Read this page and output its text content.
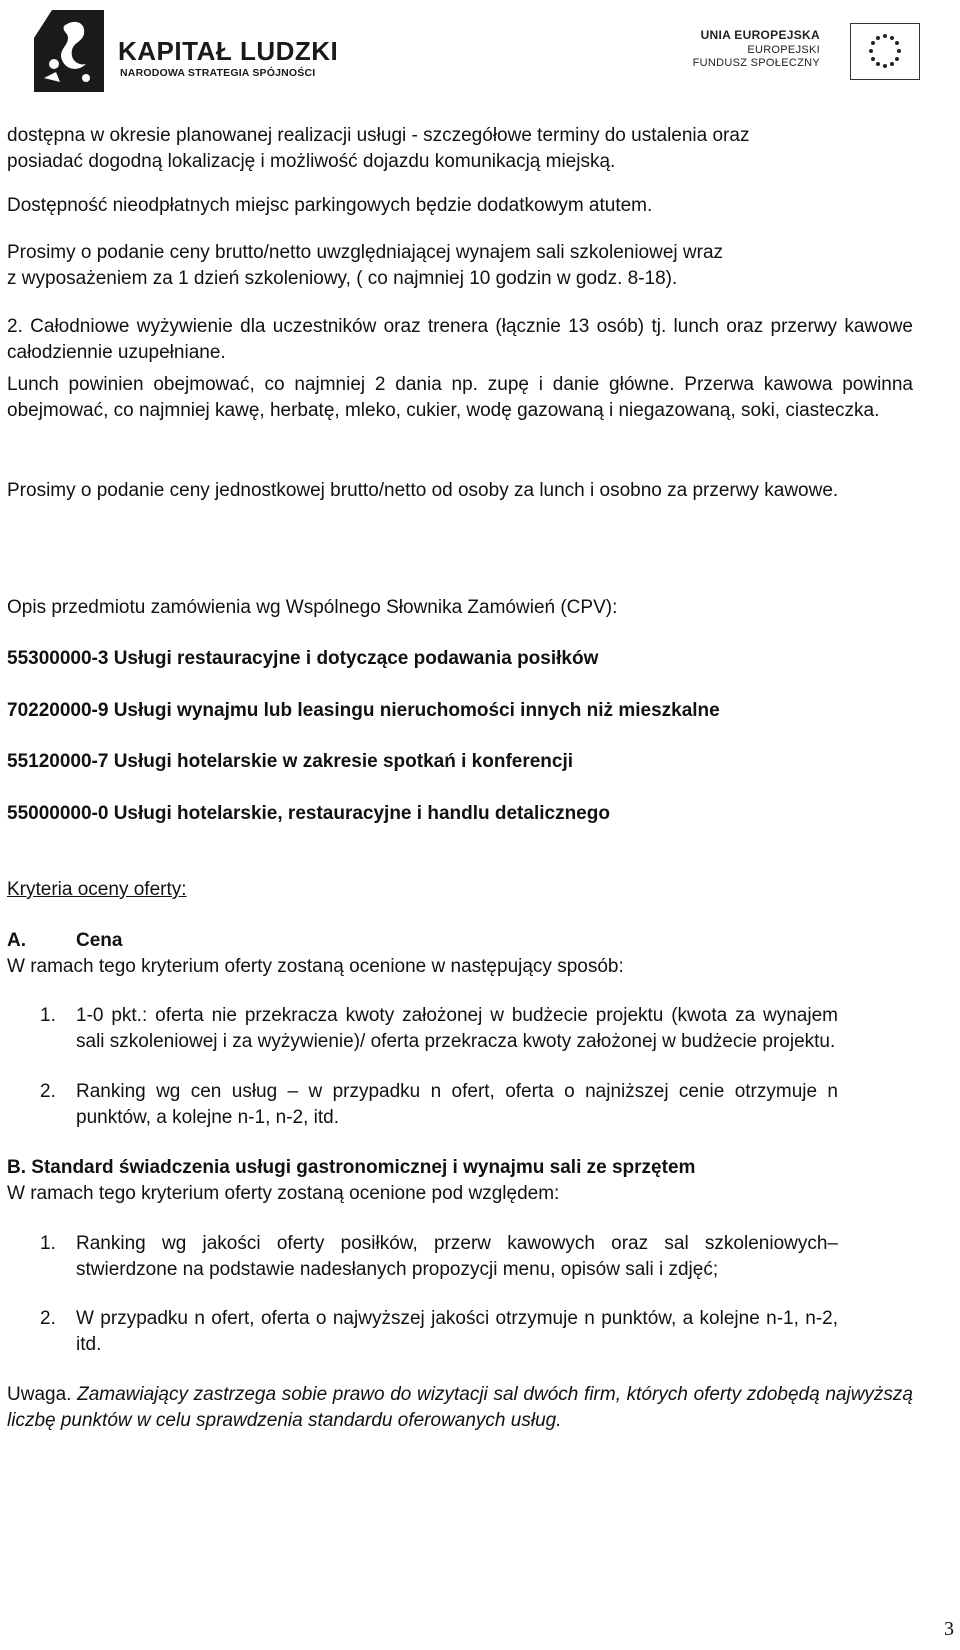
KAPITAŁ LUDZKI
NARODOWA STRATEGIA SPÓJNOŚCI
UNIA EUROPEJSKA
EUROPEJSKI
FUNDUSZ SPOŁECZNY
dostępna w okresie planowanej realizacji usługi - szczegółowe terminy do ustalenia oraz
posiadać dogodną lokalizację i możliwość dojazdu komunikacją miejską.
Dostępność nieodpłatnych miejsc parkingowych będzie dodatkowym atutem.
Prosimy o podanie ceny brutto/netto uwzględniającej wynajem sali szkoleniowej wraz
z wyposażeniem za 1 dzień szkoleniowy, ( co najmniej 10 godzin w godz. 8-18).
2. Całodniowe wyżywienie dla uczestników oraz trenera (łącznie 13 osób) tj. lunch oraz przerwy kawowe całodziennie uzupełniane.
Lunch powinien obejmować, co najmniej 2 dania np. zupę i danie główne. Przerwa kawowa powinna obejmować, co najmniej kawę, herbatę, mleko, cukier, wodę gazowaną i niegazowaną, soki, ciasteczka.
Prosimy o podanie ceny jednostkowej brutto/netto od osoby za lunch i osobno za przerwy kawowe.
Opis przedmiotu zamówienia wg Wspólnego Słownika Zamówień (CPV):
55300000-3 Usługi restauracyjne i dotyczące podawania posiłków
70220000-9 Usługi wynajmu lub leasingu nieruchomości innych niż mieszkalne
55120000-7 Usługi hotelarskie w zakresie spotkań i konferencji
55000000-0 Usługi hotelarskie, restauracyjne i handlu detalicznego
Kryteria oceny oferty:
A.	Cena
W ramach tego kryterium oferty zostaną ocenione w następujący sposób:
1. 1-0 pkt.: oferta nie przekracza kwoty założonej w budżecie projektu (kwota za wynajem sali szkoleniowej i za wyżywienie)/ oferta przekracza kwoty założonej w budżecie projektu.
2. Ranking wg cen usług – w przypadku n ofert, oferta o najniższej cenie otrzymuje n punktów, a kolejne n-1, n-2, itd.
B. Standard świadczenia usługi gastronomicznej i wynajmu sali ze sprzętem
W ramach tego kryterium oferty zostaną ocenione pod względem:
1. Ranking wg jakości oferty posiłków, przerw kawowych oraz sal szkoleniowych– stwierdzone na podstawie nadesłanych propozycji menu, opisów sali i zdjęć;
2. W przypadku n ofert, oferta o najwyższej jakości otrzymuje n punktów, a kolejne n-1, n-2, itd.
Uwaga. Zamawiający zastrzega sobie prawo do wizytacji sal dwóch firm, których oferty zdobędą najwyższą liczbę punktów w celu sprawdzenia standardu oferowanych usług.
3
